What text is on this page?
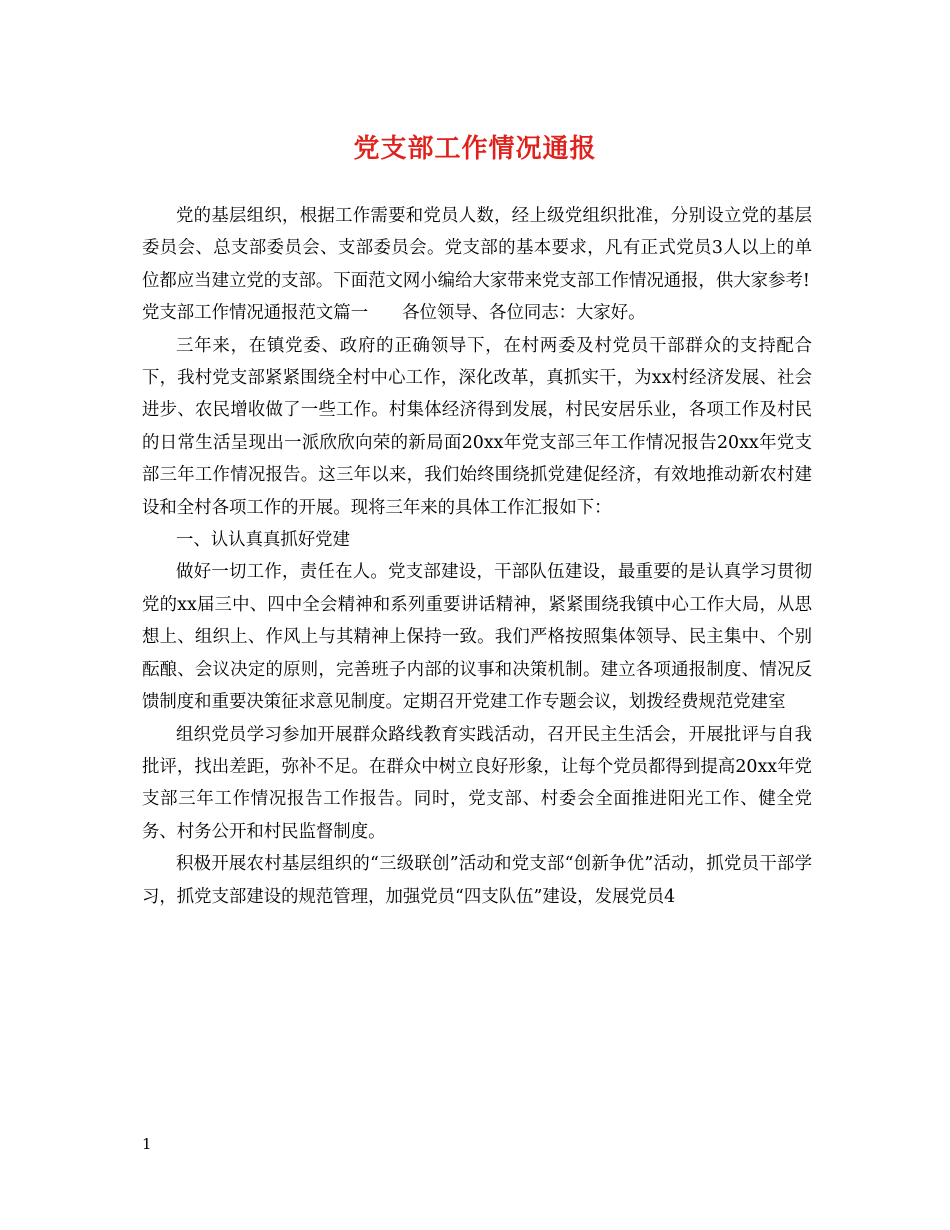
党支部工作情况通报

党的基层组织，根据工作需要和党员人数，经上级党组织批准，分别设立党的基层委员会、总支部委员会、支部委员会。党支部的基本要求，凡有正式党员3人以上的单位都应当建立党的支部。下面范文网小编给大家带来党支部工作情况通报，供大家参考!

党支部工作情况通报范文篇一 各位领导、各位同志：大家好。

三年来，在镇党委、政府的正确领导下，在村两委及村党员干部群众的支持配合下，我村党支部紧紧围绕全村中心工作，深化改革，真抓实干，为xx村经济发展、社会进步、农民增收做了一些工作。村集体经济得到发展，村民安居乐业，各项工作及村民的日常生活呈现出一派欣欣向荣的新局面20xx年党支部三年工作情况报告20xx年党支部三年工作情况报告。这三年以来，我们始终围绕抓党建促经济，有效地推动新农村建设和全村各项工作的开展。现将三年来的具体工作汇报如下：

一、认认真真抓好党建

做好一切工作，责任在人。党支部建设，干部队伍建设，最重要的是认真学习贯彻党的xx届三中、四中全会精神和系列重要讲话精神，紧紧围绕我镇中心工作大局，从思想上、组织上、作风上与其精神上保持一致。我们严格按照集体领导、民主集中、个别酝酿、会议决定的原则，完善班子内部的议事和决策机制。建立各项通报制度、情况反馈制度和重要决策征求意见制度。定期召开党建工作专题会议，划拨经费规范党建室

组织党员学习参加开展群众路线教育实践活动，召开民主生活会，开展批评与自我批评，找出差距，弥补不足。在群众中树立良好形象，让每个党员都得到提高20xx年党支部三年工作情况报告工作报告。同时，党支部、村委会全面推进阳光工作、健全党务、村务公开和村民监督制度。

积极开展农村基层组织的“三级联创”活动和党支部“创新争优”活动，抓党员干部学习，抓党支部建设的规范管理，加强党员“四支队伍”建设，发展党员4

1
